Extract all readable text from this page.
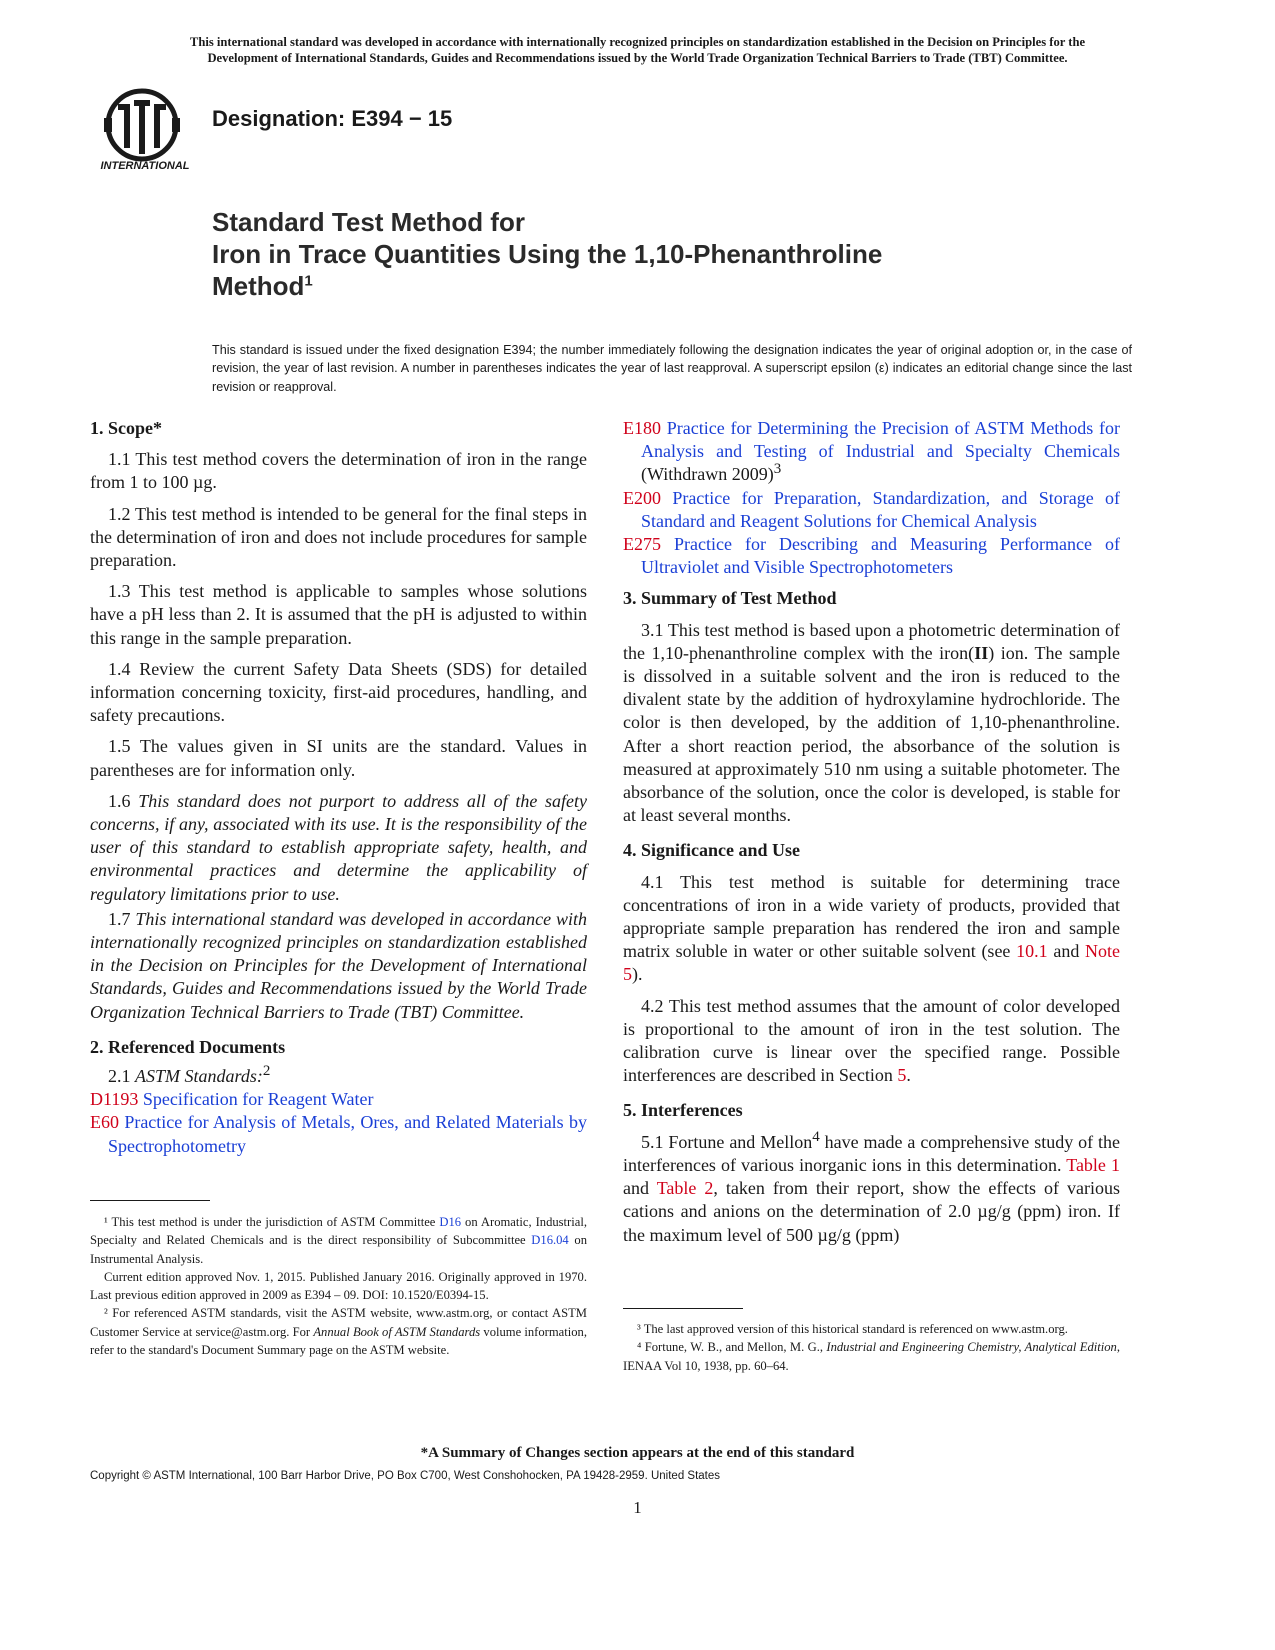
This international standard was developed in accordance with internationally recognized principles on standardization established in the Decision on Principles for the

Development of International Standards, Guides and Recommendations issued by the World Trade Organization Technical Barriers to Trade (TBT) Committee.

INTERNATIONAL
Designation: E394 − 15
Standard Test Method for
Iron in Trace Quantities Using the 1,10-Phenanthroline
Method$^1$
This standard is issued under the fixed designation E394; the number immediately following the designation indicates the year of original adoption or, in the case of revision, the year of last revision. A number in parentheses indicates the year of last reapproval. A superscript epsilon (ε) indicates an editorial change since the last revision or reapproval.
1. Scope*

1.1 This test method covers the determination of iron in the range from 1 to 100 µg.

1.2 This test method is intended to be general for the final steps in the determination of iron and does not include procedures for sample preparation.

1.3 This test method is applicable to samples whose solutions have a pH less than 2. It is assumed that the pH is adjusted to within this range in the sample preparation.

1.4 Review the current Safety Data Sheets (SDS) for detailed information concerning toxicity, first-aid procedures, handling, and safety precautions.

1.5 The values given in SI units are the standard. Values in parentheses are for information only.

1.6 This standard does not purport to address all of the safety concerns, if any, associated with its use. It is the responsibility of the user of this standard to establish appropriate safety, health, and environmental practices and determine the applicability of regulatory limitations prior to use.

1.7 This international standard was developed in accordance with internationally recognized principles on standardization established in the Decision on Principles for the Development of International Standards, Guides and Recommendations issued by the World Trade Organization Technical Barriers to Trade (TBT) Committee.

2. Referenced Documents

2.1 ASTM Standards:$^2$

D1193 Specification for Reagent Water

E60 Practice for Analysis of Metals, Ores, and Related Materials by Spectrophotometry

¹ This test method is under the jurisdiction of ASTM Committee D16 on Aromatic, Industrial, Specialty and Related Chemicals and is the direct responsibility of Subcommittee D16.04 on Instrumental Analysis.

Current edition approved Nov. 1, 2015. Published January 2016. Originally approved in 1970. Last previous edition approved in 2009 as E394 – 09. DOI: 10.1520/E0394-15.

² For referenced ASTM standards, visit the ASTM website, www.astm.org, or contact ASTM Customer Service at service@astm.org. For Annual Book of ASTM Standards volume information, refer to the standard's Document Summary page on the ASTM website.

E180 Practice for Determining the Precision of ASTM Methods for Analysis and Testing of Industrial and Specialty Chemicals (Withdrawn 2009)$^3$

E200 Practice for Preparation, Standardization, and Storage of Standard and Reagent Solutions for Chemical Analysis

E275 Practice for Describing and Measuring Performance of Ultraviolet and Visible Spectrophotometers

3. Summary of Test Method

3.1 This test method is based upon a photometric determination of the 1,10-phenanthroline complex with the iron(II) ion. The sample is dissolved in a suitable solvent and the iron is reduced to the divalent state by the addition of hydroxylamine hydrochloride. The color is then developed, by the addition of 1,10-phenanthroline. After a short reaction period, the absorbance of the solution is measured at approximately 510 nm using a suitable photometer. The absorbance of the solution, once the color is developed, is stable for at least several months.

4. Significance and Use

4.1 This test method is suitable for determining trace concentrations of iron in a wide variety of products, provided that appropriate sample preparation has rendered the iron and sample matrix soluble in water or other suitable solvent (see 10.1 and Note 5).

4.2 This test method assumes that the amount of color developed is proportional to the amount of iron in the test solution. The calibration curve is linear over the specified range. Possible interferences are described in Section 5.

5. Interferences

5.1 Fortune and Mellon$^4$ have made a comprehensive study of the interferences of various inorganic ions in this determination. Table 1 and Table 2, taken from their report, show the effects of various cations and anions on the determination of 2.0 µg/g (ppm) iron. If the maximum level of 500 µg/g (ppm)

³ The last approved version of this historical standard is referenced on www.astm.org.

⁴ Fortune, W. B., and Mellon, M. G., Industrial and Engineering Chemistry, Analytical Edition, IENAA Vol 10, 1938, pp. 60–64.

*A Summary of Changes section appears at the end of this standard
Copyright © ASTM International, 100 Barr Harbor Drive, PO Box C700, West Conshohocken, PA 19428-2959. United States
1
